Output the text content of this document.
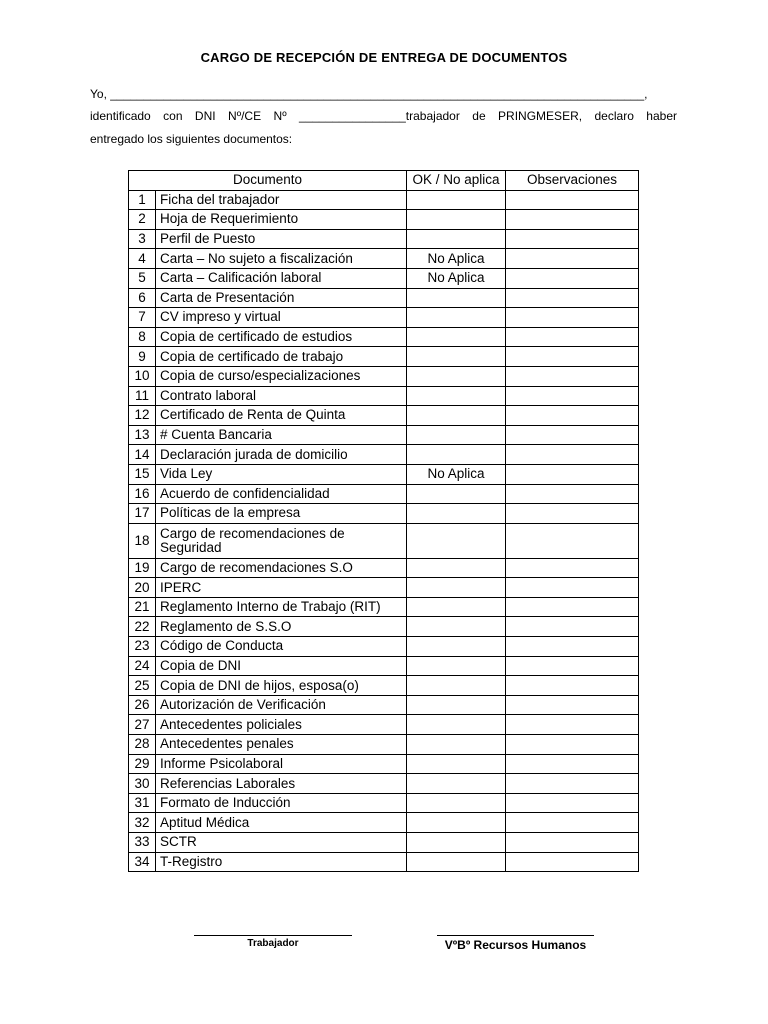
CARGO DE RECEPCIÓN DE ENTREGA DE DOCUMENTOS
Yo, ________________________________________________________________________________,
identificado con DNI Nº/CE Nº ________________trabajador de PRINGMESER, declaro haber
entregado los siguientes documentos:
Documento		OK / No aplica	Observaciones
1	Ficha del trabajador		
2	Hoja de Requerimiento		
3	Perfil de Puesto		
4	Carta – No sujeto a fiscalización	No Aplica	
5	Carta – Calificación laboral	No Aplica	
6	Carta de Presentación		
7	CV impreso y virtual		
8	Copia de certificado de estudios		
9	Copia de certificado de trabajo		
10	Copia de curso/especializaciones		
11	Contrato laboral		
12	Certificado de Renta de Quinta		
13	# Cuenta Bancaria		
14	Declaración jurada de domicilio		
15	Vida Ley	No Aplica	
16	Acuerdo de confidencialidad		
17	Políticas de la empresa		
18	Cargo de recomendaciones de Seguridad		
19	Cargo de recomendaciones S.O		
20	IPERC		
21	Reglamento Interno de Trabajo (RIT)		
22	Reglamento de S.S.O		
23	Código de Conducta		
24	Copia de DNI		
25	Copia de DNI de hijos, esposa(o)		
26	Autorización de Verificación		
27	Antecedentes policiales		
28	Antecedentes penales		
29	Informe Psicolaboral		
30	Referencias Laborales		
31	Formato de Inducción		
32	Aptitud Médica		
33	SCTR		
34	T-Registro		
Trabajador	VºBº Recursos Humanos
